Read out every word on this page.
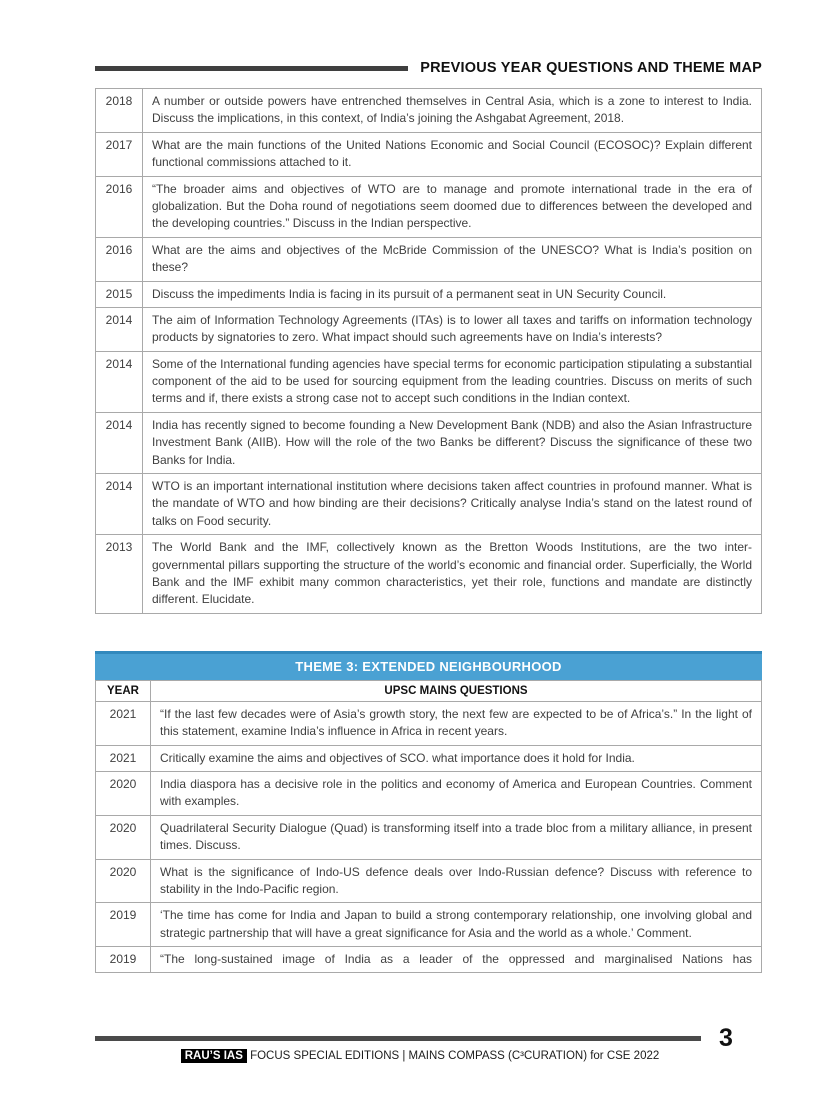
PREVIOUS YEAR QUESTIONS AND THEME MAP
2018	A number or outside powers have entrenched themselves in Central Asia, which is a zone to interest to India. Discuss the implications, in this context, of India’s joining the Ashgabat Agreement, 2018.
2017	What are the main functions of the United Nations Economic and Social Council (ECOSOC)? Explain different functional commissions attached to it.
2016	“The broader aims and objectives of WTO are to manage and promote international trade in the era of globalization. But the Doha round of negotiations seem doomed due to differences between the developed and the developing countries.” Discuss in the Indian perspective.
2016	What are the aims and objectives of the McBride Commission of the UNESCO? What is India’s position on these?
2015	Discuss the impediments India is facing in its pursuit of a permanent seat in UN Security Council.
2014	The aim of Information Technology Agreements (ITAs) is to lower all taxes and tariffs on information technology products by signatories to zero. What impact should such agreements have on India’s interests?
2014	Some of the International funding agencies have special terms for economic participation stipulating a substantial component of the aid to be used for sourcing equipment from the leading countries. Discuss on merits of such terms and if, there exists a strong case not to accept such conditions in the Indian context.
2014	India has recently signed to become founding a New Development Bank (NDB) and also the Asian Infrastructure Investment Bank (AIIB). How will the role of the two Banks be different? Discuss the significance of these two Banks for India.
2014	WTO is an important international institution where decisions taken affect countries in profound manner. What is the mandate of WTO and how binding are their decisions? Critically analyse India’s stand on the latest round of talks on Food security.
2013	The World Bank and the IMF, collectively known as the Bretton Woods Institutions, are the two inter-governmental pillars supporting the structure of the world’s economic and financial order. Superficially, the World Bank and the IMF exhibit many common characteristics, yet their role, functions and mandate are distinctly different. Elucidate.
THEME 3: EXTENDED NEIGHBOURHOOD
YEAR	UPSC MAINS QUESTIONS
2021	“If the last few decades were of Asia’s growth story, the next few are expected to be of Africa’s.” In the light of this statement, examine India’s influence in Africa in recent years.
2021	Critically examine the aims and objectives of SCO. what importance does it hold for India.
2020	India diaspora has a decisive role in the politics and economy of America and European Countries. Comment with examples.
2020	Quadrilateral Security Dialogue (Quad) is transforming itself into a trade bloc from a military alliance, in present times. Discuss.
2020	What is the significance of Indo-US defence deals over Indo-Russian defence? Discuss with reference to stability in the Indo-Pacific region.
2019	‘The time has come for India and Japan to build a strong contemporary relationship, one involving global and strategic partnership that will have a great significance for Asia and the world as a whole.’ Comment.
2019	“The long-sustained image of India as a leader of the oppressed and marginalised Nations has
3
RAU’S IAS FOCUS SPECIAL EDITIONS | MAINS COMPASS (C³CURATION) for CSE 2022
